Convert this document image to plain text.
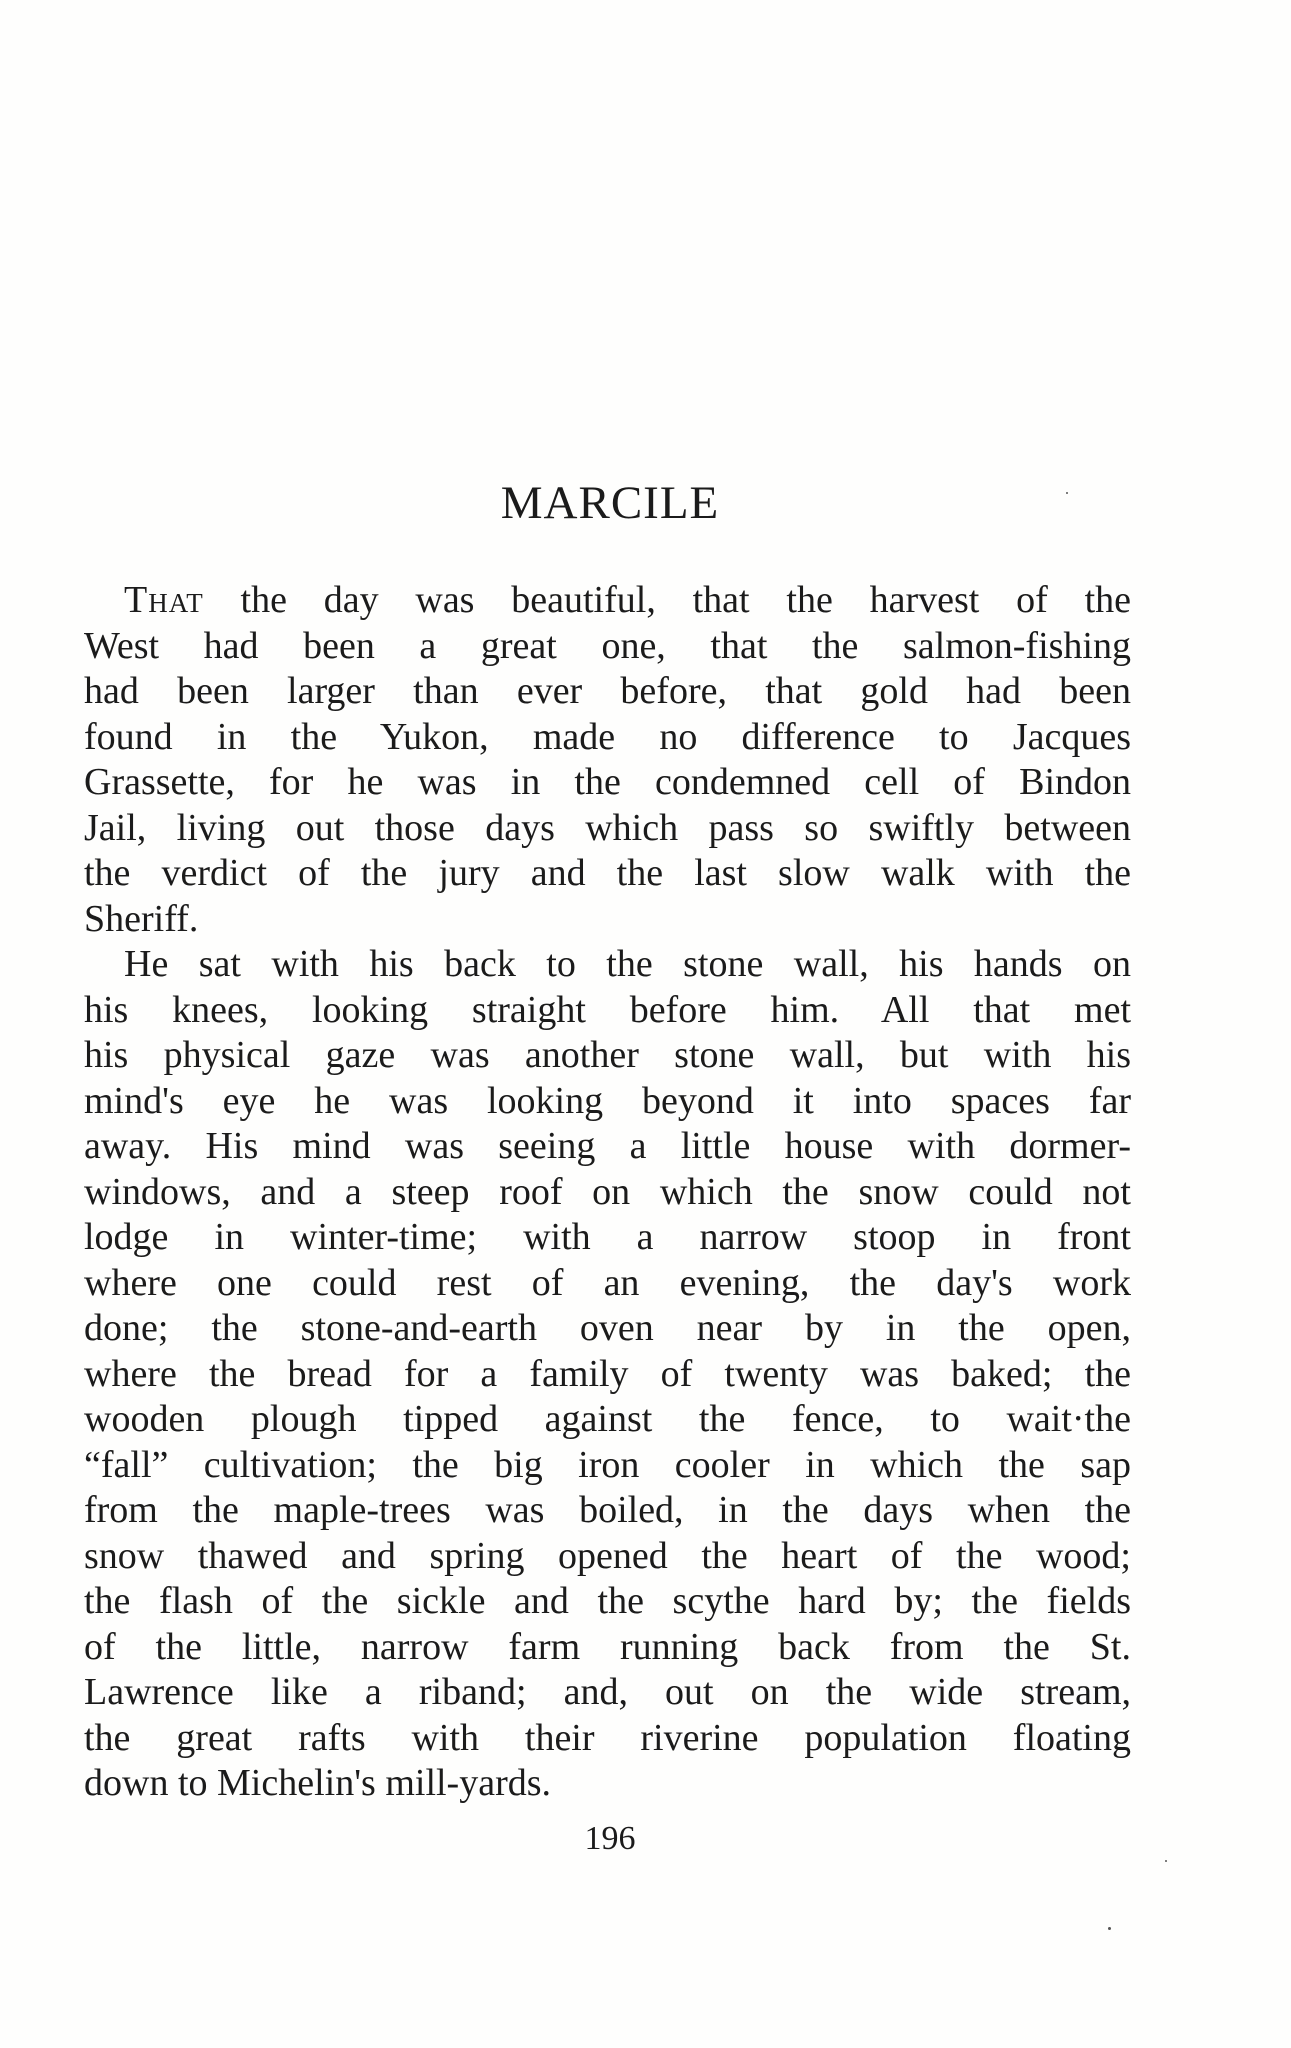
MARCILE
That the day was beautiful, that the harvest of the
West had been a great one, that the salmon-fishing
had been larger than ever before, that gold had been
found in the Yukon, made no difference to Jacques
Grassette, for he was in the condemned cell of Bindon
Jail, living out those days which pass so swiftly between
the verdict of the jury and the last slow walk with the
Sheriff.
He sat with his back to the stone wall, his hands on
his knees, looking straight before him. All that met
his physical gaze was another stone wall, but with his
mind's eye he was looking beyond it into spaces far
away. His mind was seeing a little house with dormer-
windows, and a steep roof on which the snow could not
lodge in winter-time; with a narrow stoop in front
where one could rest of an evening, the day's work
done; the stone-and-earth oven near by in the open,
where the bread for a family of twenty was baked; the
wooden plough tipped against the fence, to wait·the
“fall” cultivation; the big iron cooler in which the sap
from the maple-trees was boiled, in the days when the
snow thawed and spring opened the heart of the wood;
the flash of the sickle and the scythe hard by; the fields
of the little, narrow farm running back from the St.
Lawrence like a riband; and, out on the wide stream,
the great rafts with their riverine population floating
down to Michelin's mill-yards.
196
